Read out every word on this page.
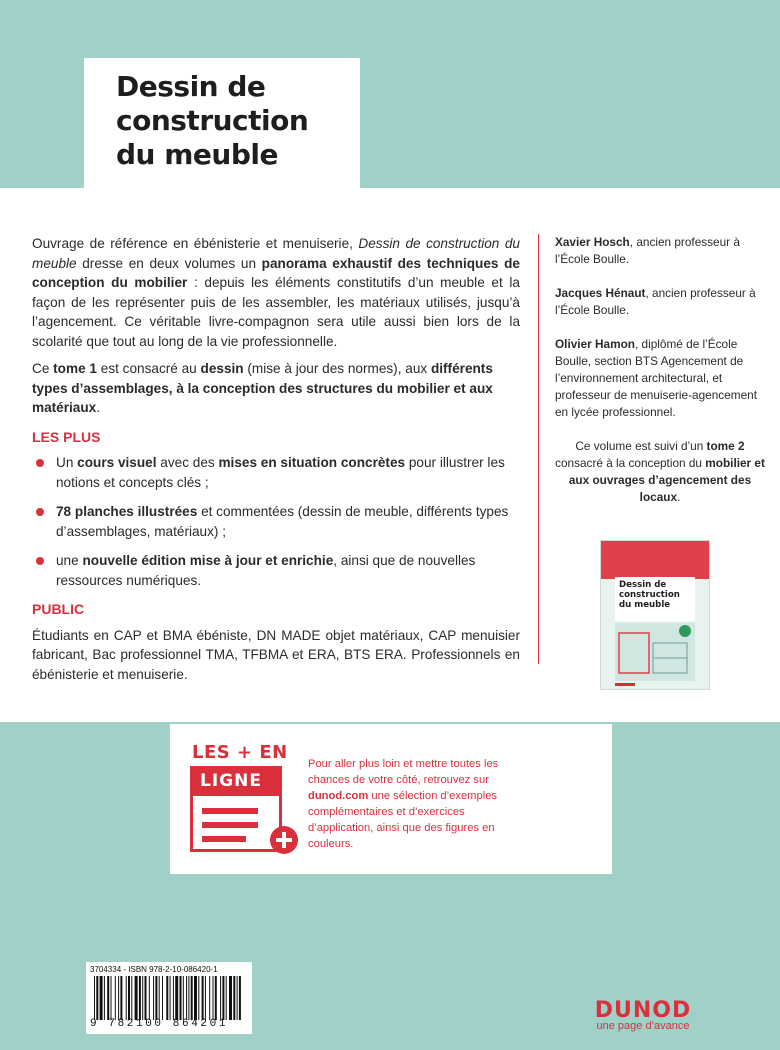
Dessin de
construction
du meuble

Ouvrage de référence en ébénisterie et menuiserie, Dessin de construction du meuble dresse en deux volumes un panorama exhaustif des techniques de conception du mobilier : depuis les éléments constitutifs d’un meuble et la façon de les représenter puis de les assembler, les matériaux utilisés, jusqu’à l’agencement. Ce véritable livre-compagnon sera utile aussi bien lors de la scolarité que tout au long de la vie professionnelle.

Ce tome 1 est consacré au dessin (mise à jour des normes), aux différents types d’assemblages, à la conception des structures du mobilier et aux matériaux.

LES PLUS
Un cours visuel avec des mises en situation concrètes pour illustrer les notions et concepts clés ;
78 planches illustrées et commentées (dessin de meuble, différents types d’assemblages, matériaux) ;
une nouvelle édition mise à jour et enrichie, ainsi que de nouvelles ressources numériques.
PUBLIC

Étudiants en CAP et BMA ébéniste, DN MADE objet matériaux, CAP menuisier fabricant, Bac professionnel TMA, TFBMA et ERA, BTS ERA. Professionnels en ébénisterie et menuiserie.

Xavier Hosch, ancien professeur à l’École Boulle.
Jacques Hénaut, ancien professeur à l’École Boulle.
Olivier Hamon, diplômé de l’École Boulle, section BTS Agencement de l’environnement architectural, et professeur de menuiserie-agencement en lycée professionnel.
Ce volume est suivi d’un tome 2 consacré à la conception du mobilier et aux ouvrages d’agencement des locaux.
Dessin de construction du meuble
LES + EN
LIGNE
Pour aller plus loin et mettre toutes les chances de votre côté, retrouvez sur dunod.com une sélection d’exemples complémentaires et d’exercices d’application, ainsi que des figures en couleurs.
3704334 - ISBN 978-2-10-086420-1
9 782100 864201
DUNOD
une page d’avance
